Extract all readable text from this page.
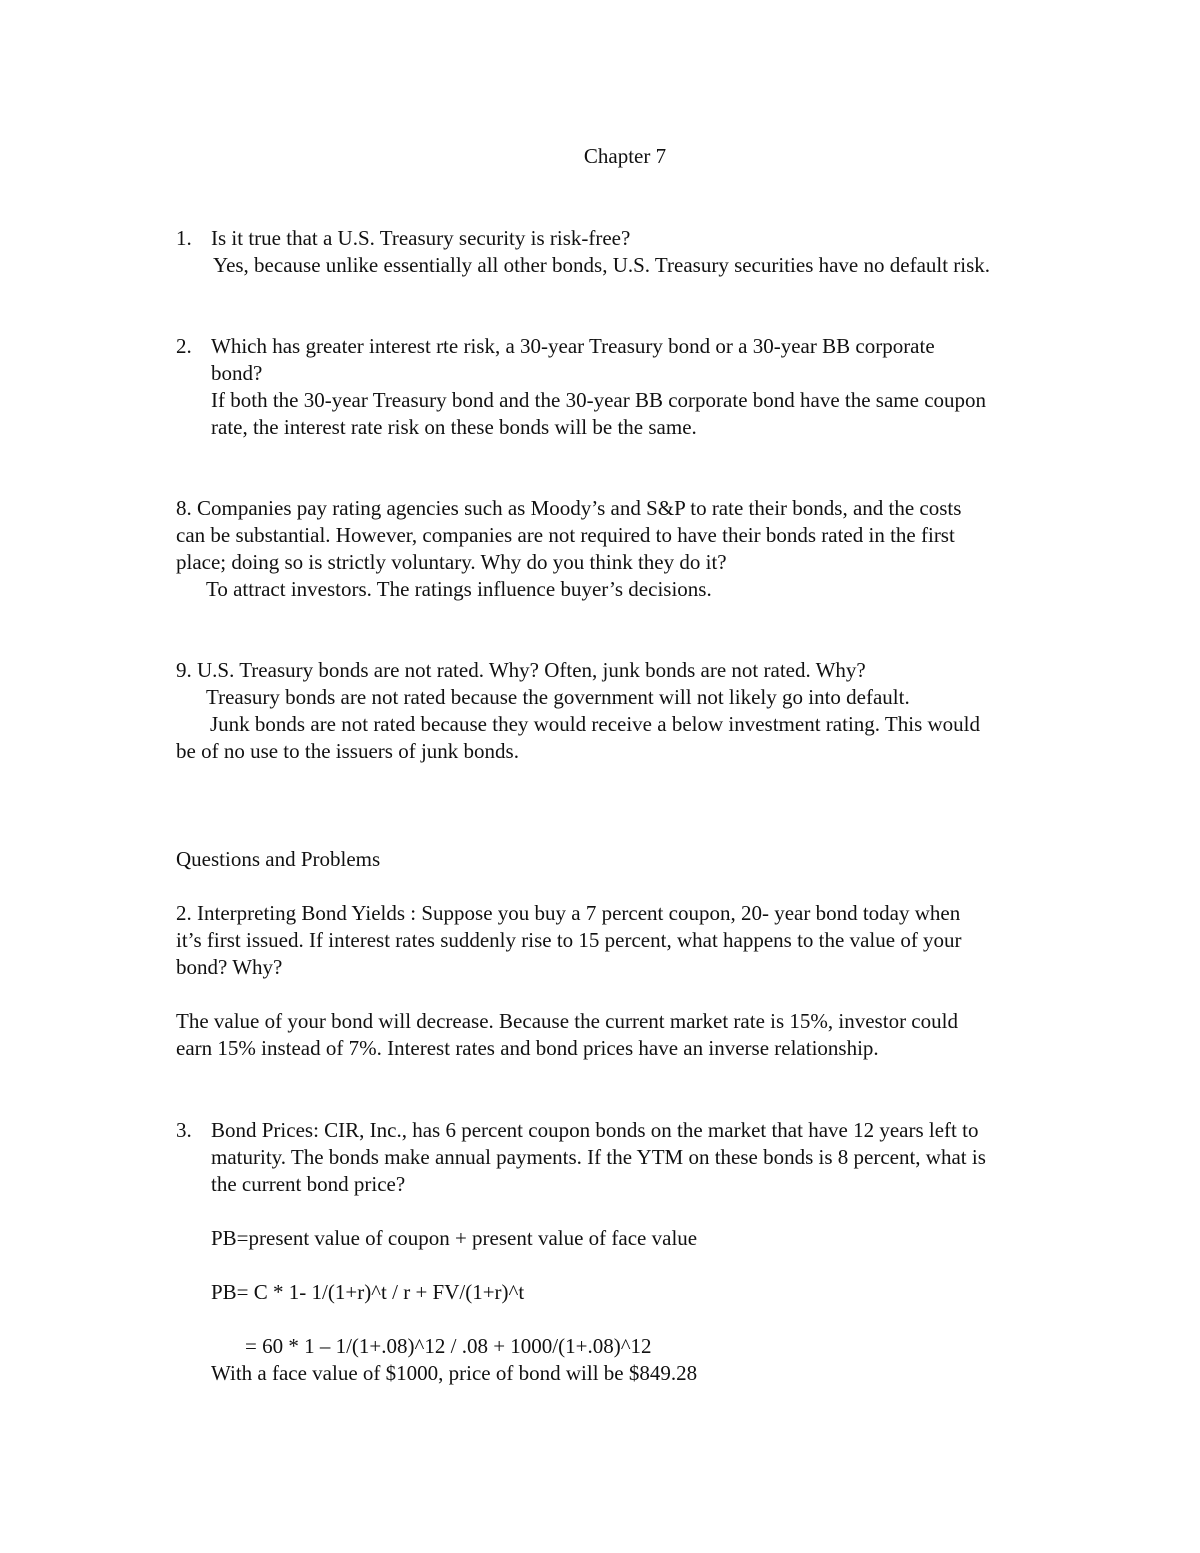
Chapter 7
1. Is it true that a U.S. Treasury security is risk-free?
Yes, because unlike essentially all other bonds, U.S. Treasury securities have no default risk.
2. Which has greater interest rte risk, a 30-year Treasury bond or a 30-year BB corporate
bond?
If both the 30-year Treasury bond and the 30-year BB corporate bond have the same coupon
rate, the interest rate risk on these bonds will be the same.
8. Companies pay rating agencies such as Moody’s and S&P to rate their bonds, and the costs
can be substantial. However, companies are not required to have their bonds rated in the first
place; doing so is strictly voluntary. Why do you think they do it?
To attract investors. The ratings influence buyer’s decisions.
9. U.S. Treasury bonds are not rated. Why? Often, junk bonds are not rated. Why?
Treasury bonds are not rated because the government will not likely go into default.
Junk bonds are not rated because they would receive a below investment rating. This would
be of no use to the issuers of junk bonds.
Questions and Problems
2. Interpreting Bond Yields : Suppose you buy a 7 percent coupon, 20- year bond today when
it’s first issued. If interest rates suddenly rise to 15 percent, what happens to the value of your
bond? Why?
The value of your bond will decrease. Because the current market rate is 15%, investor could
earn 15% instead of 7%. Interest rates and bond prices have an inverse relationship.
3. Bond Prices: CIR, Inc., has 6 percent coupon bonds on the market that have 12 years left to
maturity. The bonds make annual payments. If the YTM on these bonds is 8 percent, what is
the current bond price?
PB=present value of coupon + present value of face value
PB= C * 1- 1/(1+r)^t / r + FV/(1+r)^t
= 60 * 1 – 1/(1+.08)^12 / .08 + 1000/(1+.08)^12
With a face value of $1000, price of bond will be $849.28
